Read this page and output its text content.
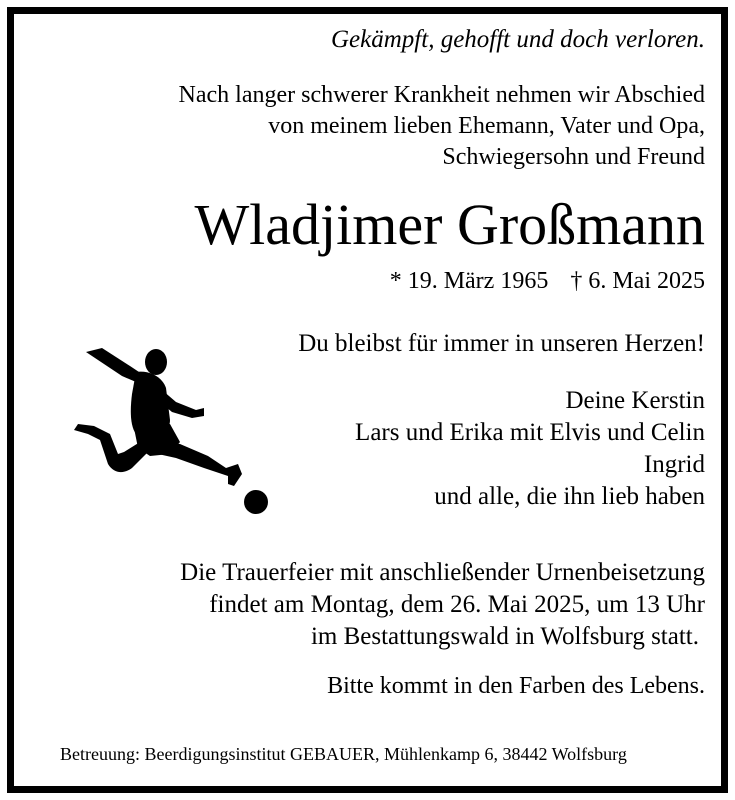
Gekämpft, gehofft und doch verloren.
Nach langer schwerer Krankheit nehmen wir Abschied
von meinem lieben Ehemann, Vater und Opa,
Schwiegersohn und Freund
Wladjimer Großmann
* 19. März 1965 † 6. Mai 2025
Du bleibst für immer in unseren Herzen!
Deine Kerstin
Lars und Erika mit Elvis und Celin
Ingrid
und alle, die ihn lieb haben
Die Trauerfeier mit anschließender Urnenbeisetzung
findet am Montag, dem 26. Mai 2025, um 13 Uhr
im Bestattungswald in Wolfsburg statt.
Bitte kommt in den Farben des Lebens.
Betreuung: Beerdigungsinstitut GEBAUER, Mühlenkamp 6, 38442 Wolfsburg
